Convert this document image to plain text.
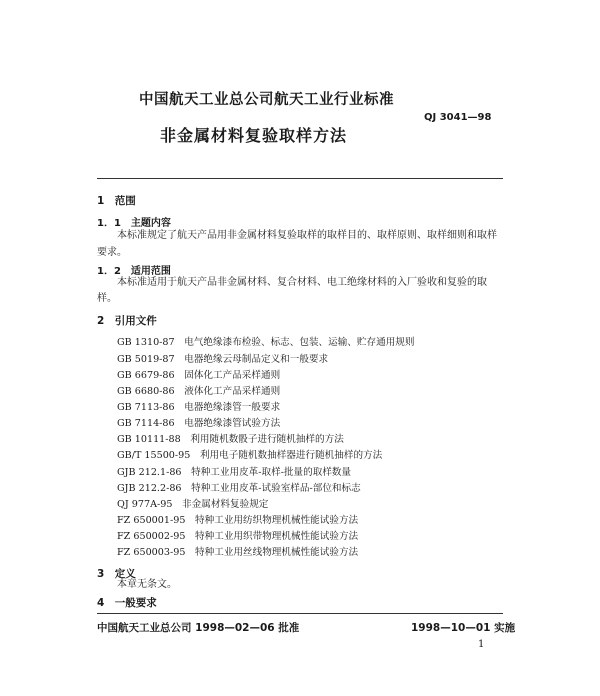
中国航天工业总公司航天工业行业标准
QJ 3041—98
非金属材料复验取样方法
1　范围
1．1　主题内容
本标准规定了航天产品用非金属材料复验取样的取样目的、取样原则、取样细则和取样
要求。
1．2　适用范围
本标准适用于航天产品非金属材料、复合材料、电工绝缘材料的入厂验收和复验的取
样。
2　引用文件
GB 1310-87　电气绝缘漆布检验、标志、包装、运输、贮存通用规则
GB 5019-87　电器绝缘云母制品定义和一般要求
GB 6679-86　固体化工产品采样通则
GB 6680-86　液体化工产品采样通则
GB 7113-86　电器绝缘漆管一般要求
GB 7114-86　电器绝缘漆管试验方法
GB 10111-88　利用随机数骰子进行随机抽样的方法
GB/T 15500-95　利用电子随机数抽样器进行随机抽样的方法
GJB 212.1-86　特种工业用皮革-取样-批量的取样数量
GJB 212.2-86　特种工业用皮革-试验室样品-部位和标志
QJ 977A-95　非金属材料复验规定
FZ 650001-95　特种工业用纺织物理机械性能试验方法
FZ 650002-95　特种工业用织带物理机械性能试验方法
FZ 650003-95　特种工业用丝线物理机械性能试验方法
3　定义
本章无条文。
4　一般要求
中国航天工业总公司 1998—02—06 批准	1998—10—01 实施
1
